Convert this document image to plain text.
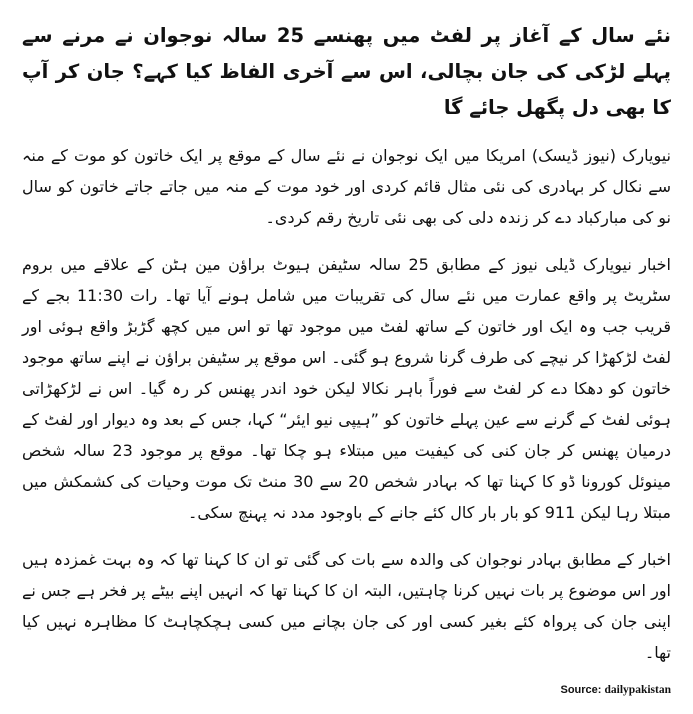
نئے سال کے آغاز پر لفٹ میں پھنسے 25 سالہ نوجوان نے مرنے سے پہلے لڑکی کی جان بچالی، اس سے آخری الفاظ کیا کہے؟ جان کر آپ کا بھی دل پگھل جائے گا

نیویارک (نیوز ڈیسک) امریکا میں ایک نوجوان نے نئے سال کے موقع پر ایک خاتون کو موت کے منہ سے نکال کر بہادری کی نئی مثال قائم کردی اور خود موت کے منہ میں جاتے جاتے خاتون کو سال نو کی مبارکباد دے کر زندہ دلی کی بھی نئی تاریخ رقم کردی۔

اخبار نیویارک ڈیلی نیوز کے مطابق 25 سالہ سٹیفن ہیوٹ براﺅن مین ہٹن کے علاقے میں بروم سٹریٹ پر واقع عمارت میں نئے سال کی تقریبات میں شامل ہونے آیا تھا۔ رات 11:30 بجے کے قریب جب وہ ایک اور خاتون کے ساتھ لفٹ میں موجود تھا تو اس میں کچھ گڑبڑ واقع ہوئی اور لفٹ لڑکھڑا کر نیچے کی طرف گرنا شروع ہو گئی۔ اس موقع پر سٹیفن براﺅن نے اپنے ساتھ موجود خاتون کو دھکا دے کر لفٹ سے فوراً باہر نکالا لیکن خود اندر پھنس کر رہ گیا۔ اس نے لڑکھڑاتی ہوئی لفٹ کے گرنے سے عین پہلے خاتون کو ”ہیپی نیو ایئر“ کہا، جس کے بعد وہ دیوار اور لفٹ کے درمیان پھنس کر جان کنی کی کیفیت میں مبتلاء ہو چکا تھا۔ موقع پر موجود 23 سالہ شخص مینوئل کورونا ڈو کا کہنا تھا کہ بہادر شخص 20 سے 30 منٹ تک موت وحیات کی کشمکش میں مبتلا رہا لیکن 911 کو بار بار کال کئے جانے کے باوجود مدد نہ پہنچ سکی۔

اخبار کے مطابق بہادر نوجوان کی والدہ سے بات کی گئی تو ان کا کہنا تھا کہ وہ بہت غمزدہ ہیں اور اس موضوع پر بات نہیں کرنا چاہتیں، البتہ ان کا کہنا تھا کہ انہیں اپنے بیٹے پر فخر ہے جس نے اپنی جان کی پرواہ کئے بغیر کسی اور کی جان بچانے میں کسی ہچکچاہٹ کا مظاہرہ نہیں کیا تھا۔

Source: dailypakistan
